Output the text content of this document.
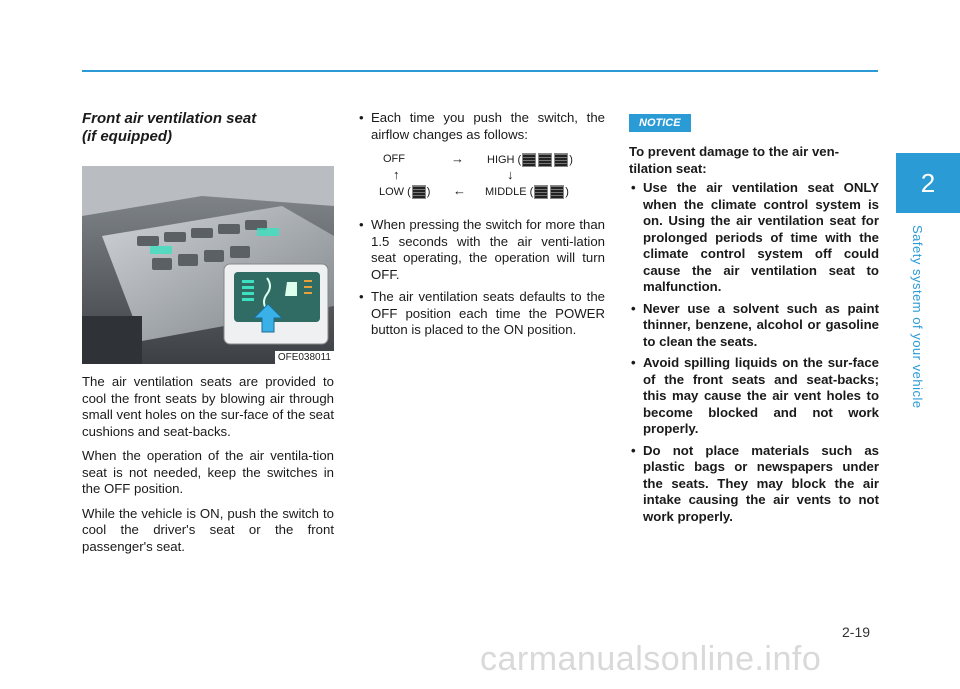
2
Safety system of your vehicle
Front air ventilation seat
(if equipped)
OFE038011

The air ventilation seats are provided to cool the front seats by blowing air through small vent holes on the sur-face of the seat cushions and seat-backs.

When the operation of the air ventila-tion seat is not needed, keep the switches in the OFF position.

While the vehicle is ON, push the switch to cool the driver's seat or the front passenger's seat.

• Each time you push the switch, the airflow changes as follows:
OFF	→ HIGH (	)
↑	↓
LOW ( ) ← MIDDLE (	)
• When pressing the switch for more than 1.5 seconds with the air venti-lation seat operating, the operation will turn OFF.
• The air ventilation seats defaults to the OFF position each time the POWER button is placed to the ON position.
NOTICE
To prevent damage to the air ven-tilation seat:
• Use the air ventilation seat ONLY when the climate control system is on. Using the air ventilation seat for prolonged periods of time with the climate control system off could cause the air ventilation seat to malfunction.
• Never use a solvent such as paint thinner, benzene, alcohol or gasoline to clean the seats.
• Avoid spilling liquids on the sur-face of the front seats and seat-backs; this may cause the air vent holes to become blocked and not work properly.
• Do not place materials such as plastic bags or newspapers under the seats. They may block the air intake causing the air vents to not work properly.
2-19
carmanualsonline.info
